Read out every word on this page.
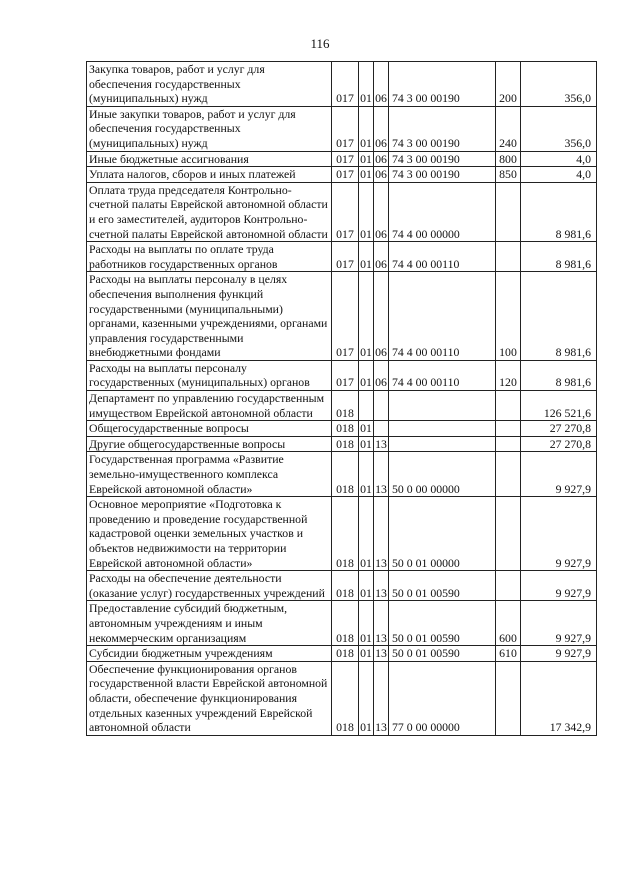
116
Закупка товаров, работ и услуг для обеспечения государственных (муниципальных) нужд	017	01	06	74 3 00 00190	200	356,0
Иные закупки товаров, работ и услуг для обеспечения государственных (муниципальных) нужд	017	01	06	74 3 00 00190	240	356,0
Иные бюджетные ассигнования	017	01	06	74 3 00 00190	800	4,0
Уплата налогов, сборов и иных платежей	017	01	06	74 3 00 00190	850	4,0
Оплата труда председателя Контрольно-счетной палаты Еврейской автономной области и его заместителей, аудиторов Контрольно-счетной палаты Еврейской автономной области	017	01	06	74 4 00 00000		8 981,6
Расходы на выплаты по оплате труда работников государственных органов	017	01	06	74 4 00 00110		8 981,6
Расходы на выплаты персоналу в целях обеспечения выполнения функций государственными (муниципальными) органами, казенными учреждениями, органами управления государственными внебюджетными фондами	017	01	06	74 4 00 00110	100	8 981,6
Расходы на выплаты персоналу государственных (муниципальных) органов	017	01	06	74 4 00 00110	120	8 981,6
Департамент по управлению государственным имуществом Еврейской автономной области	018					126 521,6
Общегосударственные вопросы	018	01				27 270,8
Другие общегосударственные вопросы	018	01	13			27 270,8
Государственная программа «Развитие земельно-имущественного комплекса Еврейской автономной области»	018	01	13	50 0 00 00000		9 927,9
Основное мероприятие «Подготовка к проведению и проведение государственной кадастровой оценки земельных участков и объектов недвижимости на территории Еврейской автономной области»	018	01	13	50 0 01 00000		9 927,9
Расходы на обеспечение деятельности (оказание услуг) государственных учреждений	018	01	13	50 0 01 00590		9 927,9
Предоставление субсидий бюджетным, автономным учреждениям и иным некоммерческим организациям	018	01	13	50 0 01 00590	600	9 927,9
Субсидии бюджетным учреждениям	018	01	13	50 0 01 00590	610	9 927,9
Обеспечение функционирования органов государственной власти Еврейской автономной области, обеспечение функционирования отдельных казенных учреждений Еврейской автономной области	018	01	13	77 0 00 00000		17 342,9
